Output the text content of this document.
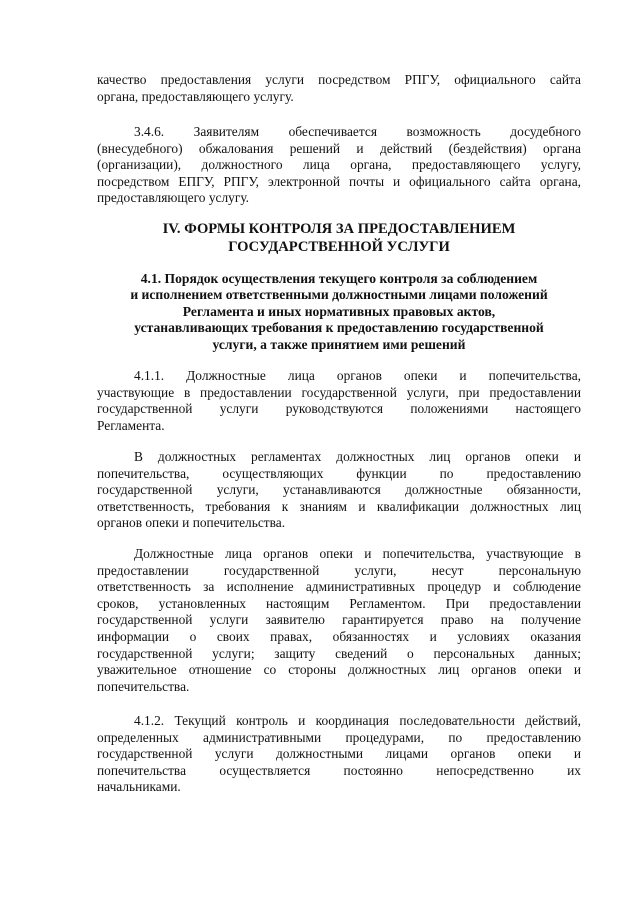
качество предоставления услуги посредством РПГУ, официального сайта
органа, предоставляющего услугу.
3.4.6. Заявителям обеспечивается возможность досудебного
(внесудебного) обжалования решений и действий (бездействия) органа
(организации), должностного лица органа, предоставляющего услугу,
посредством ЕПГУ, РПГУ, электронной почты и официального сайта органа,
предоставляющего услугу.
IV. ФОРМЫ КОНТРОЛЯ ЗА ПРЕДОСТАВЛЕНИЕМ
ГОСУДАРСТВЕННОЙ УСЛУГИ
4.1. Порядок осуществления текущего контроля за соблюдением
и исполнением ответственными должностными лицами положений
Регламента и иных нормативных правовых актов,
устанавливающих требования к предоставлению государственной
услуги, а также принятием ими решений
4.1.1. Должностные лица органов опеки и попечительства,
участвующие в предоставлении государственной услуги, при предоставлении
государственной услуги руководствуются положениями настоящего
Регламента.
В должностных регламентах должностных лиц органов опеки и
попечительства, осуществляющих функции по предоставлению
государственной услуги, устанавливаются должностные обязанности,
ответственность, требования к знаниям и квалификации должностных лиц
органов опеки и попечительства.
Должностные лица органов опеки и попечительства, участвующие в
предоставлении государственной услуги, несут персональную
ответственность за исполнение административных процедур и соблюдение
сроков, установленных настоящим Регламентом. При предоставлении
государственной услуги заявителю гарантируется право на получение
информации о своих правах, обязанностях и условиях оказания
государственной услуги; защиту сведений о персональных данных;
уважительное отношение со стороны должностных лиц органов опеки и
попечительства.
4.1.2. Текущий контроль и координация последовательности действий,
определенных административными процедурами, по предоставлению
государственной услуги должностными лицами органов опеки и
попечительства осуществляется постоянно непосредственно их
начальниками.
